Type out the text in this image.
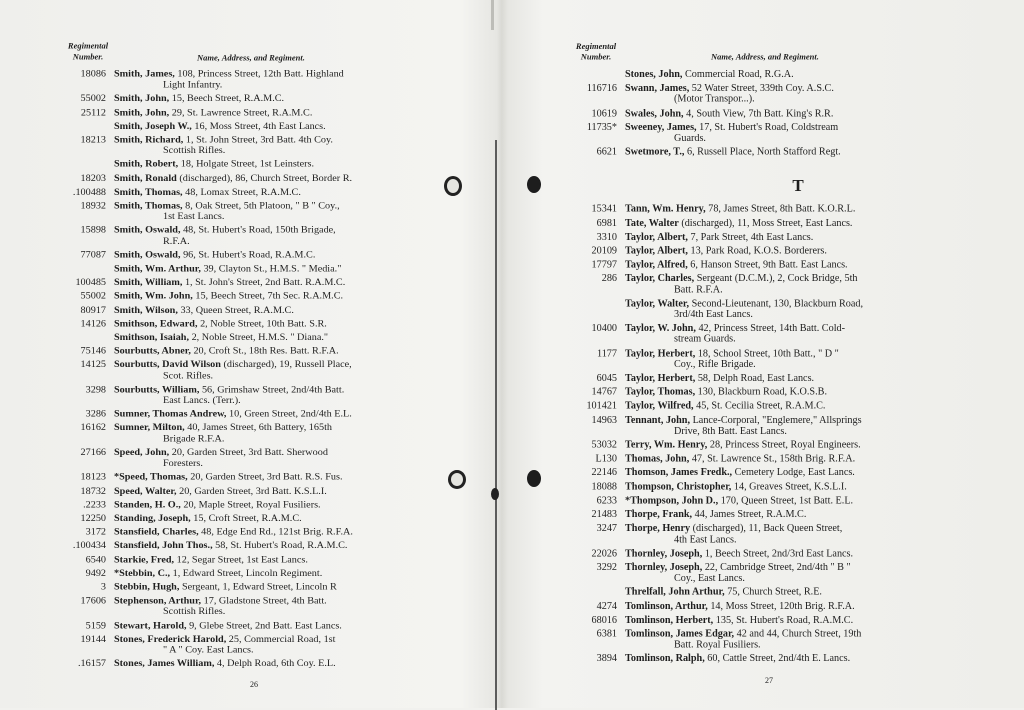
Regimental
Number.	Name, Address, and Regiment.
18086 Smith, James, 108, Princess Street, 12th Batt. Highland
Light Infantry.
55002 Smith, John, 15, Beech Street, R.A.M.C.
25112 Smith, John, 29, St. Lawrence Street, R.A.M.C.
Smith, Joseph W., 16, Moss Street, 4th East Lancs.
18213 Smith, Richard, 1, St. John Street, 3rd Batt. 4th Coy.
Scottish Rifles.
Smith, Robert, 18, Holgate Street, 1st Leinsters.
18203 Smith, Ronald (discharged), 86, Church Street, Border R.
.100488 Smith, Thomas, 48, Lomax Street, R.A.M.C.
18932 Smith, Thomas, 8, Oak Street, 5th Platoon, " B " Coy.,
1st East Lancs.
15898 Smith, Oswald, 48, St. Hubert's Road, 150th Brigade,
R.F.A.
77087 Smith, Oswald, 96, St. Hubert's Road, R.A.M.C.
Smith, Wm. Arthur, 39, Clayton St., H.M.S. " Media."
100485 Smith, William, 1, St. John's Street, 2nd Batt. R.A.M.C.
55002 Smith, Wm. John, 15, Beech Street, 7th Sec. R.A.M.C.
80917 Smith, Wilson, 33, Queen Street, R.A.M.C.
14126 Smithson, Edward, 2, Noble Street, 10th Batt. S.R.
Smithson, Isaiah, 2, Noble Street, H.M.S. " Diana."
75146 Sourbutts, Abner, 20, Croft St., 18th Res. Batt. R.F.A.
14125 Sourbutts, David Wilson (discharged), 19, Russell Place,
Scot. Rifles.
3298 Sourbutts, William, 56, Grimshaw Street, 2nd/4th Batt.
East Lancs. (Terr.).
3286 Sumner, Thomas Andrew, 10, Green Street, 2nd/4th E.L.
16162 Sumner, Milton, 40, James Street, 6th Battery, 165th
Brigade R.F.A.
27166 Speed, John, 20, Garden Street, 3rd Batt. Sherwood
Foresters.
18123 *Speed, Thomas, 20, Garden Street, 3rd Batt. R.S. Fus.
18732 Speed, Walter, 20, Garden Street, 3rd Batt. K.S.L.I.
.2233 Standen, H. O., 20, Maple Street, Royal Fusiliers.
12250 Standing, Joseph, 15, Croft Street, R.A.M.C.
3172 Stansfield, Charles, 48, Edge End Rd., 121st Brig. R.F.A.
.100434 Stansfield, John Thos., 58, St. Hubert's Road, R.A.M.C.
6540 Starkie, Fred, 12, Segar Street, 1st East Lancs.
9492 *Stebbin, C., 1, Edward Street, Lincoln Regiment.
3 Stebbin, Hugh, Sergeant, 1, Edward Street, Lincoln R
17606 Stephenson, Arthur, 17, Gladstone Street, 4th Batt.
Scottish Rifles.
5159 Stewart, Harold, 9, Glebe Street, 2nd Batt. East Lancs.
19144 Stones, Frederick Harold, 25, Commercial Road, 1st
" A " Coy. East Lancs.
.16157 Stones, James William, 4, Delph Road, 6th Coy. E.L.
Regimental
Number.	Name, Address, and Regiment.
Stones, John, Commercial Road, R.G.A.
116716 Swann, James, 52 Water Street, 339th Coy. A.S.C.
(Motor Transpor...).
10619 Swales, John, 4, South View, 7th Batt. King's R.R.
11735* Sweeney, James, 17, St. Hubert's Road, Coldstream
Guards.
6621 Swetmore, T., 6, Russell Place, North Stafford Regt.
T
15341 Tann, Wm. Henry, 78, James Street, 8th Batt. K.O.R.L.
6981 Tate, Walter (discharged), 11, Moss Street, East Lancs.
3310 Taylor, Albert, 7, Park Street, 4th East Lancs.
20109 Taylor, Albert, 13, Park Road, K.O.S. Borderers.
17797 Taylor, Alfred, 6, Hanson Street, 9th Batt. East Lancs.
286 Taylor, Charles, Sergeant (D.C.M.), 2, Cock Bridge, 5th
Batt. R.F.A.
Taylor, Walter, Second-Lieutenant, 130, Blackburn Road,
3rd/4th East Lancs.
10400 Taylor, W. John, 42, Princess Street, 14th Batt. Cold-
stream Guards.
1177 Taylor, Herbert, 18, School Street, 10th Batt., " D "
Coy., Rifle Brigade.
6045 Taylor, Herbert, 58, Delph Road, East Lancs.
14767 Taylor, Thomas, 130, Blackburn Road, K.O.S.B.
101421 Taylor, Wilfred, 45, St. Cecilia Street, R.A.M.C.
14963 Tennant, John, Lance-Corporal, "Englemere," Allsprings
Drive, 8th Batt. East Lancs.
53032 Terry, Wm. Henry, 28, Princess Street, Royal Engineers.
L130 Thomas, John, 47, St. Lawrence St., 158th Brig. R.F.A.
22146 Thomson, James Fredk., Cemetery Lodge, East Lancs.
18088 Thompson, Christopher, 14, Greaves Street, K.S.L.I.
6233 *Thompson, John D., 170, Queen Street, 1st Batt. E.L.
21483 Thorpe, Frank, 44, James Street, R.A.M.C.
3247 Thorpe, Henry (discharged), 11, Back Queen Street,
4th East Lancs.
22026 Thornley, Joseph, 1, Beech Street, 2nd/3rd East Lancs.
3292 Thornley, Joseph, 22, Cambridge Street, 2nd/4th " B "
Coy., East Lancs.
Threlfall, John Arthur, 75, Church Street, R.E.
4274 Tomlinson, Arthur, 14, Moss Street, 120th Brig. R.F.A.
68016 Tomlinson, Herbert, 135, St. Hubert's Road, R.A.M.C.
6381 Tomlinson, James Edgar, 42 and 44, Church Street, 19th
Batt. Royal Fusiliers.
3894 Tomlinson, Ralph, 60, Cattle Street, 2nd/4th E. Lancs.
26	27
